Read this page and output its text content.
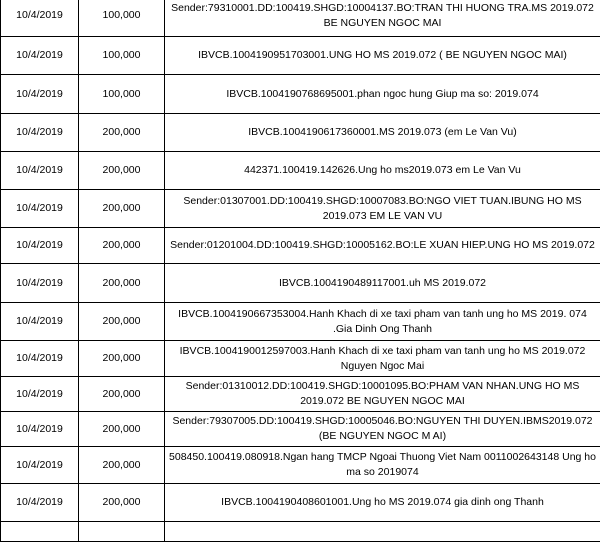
10/4/2019	100,000	Sender:79310001.DD:100419.SHGD:10004137.BO:TRAN THI HUONG TRA.MS 2019.072 BE NGUYEN NGOC MAI
10/4/2019	100,000	IBVCB.1004190951703001.UNG HO MS 2019.072 ( BE NGUYEN NGOC MAI)
10/4/2019	100,000	IBVCB.1004190768695001.phan ngoc hung Giup ma so: 2019.074
10/4/2019	200,000	IBVCB.1004190617360001.MS 2019.073 (em Le Van Vu)
10/4/2019	200,000	442371.100419.142626.Ung ho ms2019.073 em Le Van Vu
10/4/2019	200,000	Sender:01307001.DD:100419.SHGD:10007083.BO:NGO VIET TUAN.IBUNG HO MS 2019.073 EM LE VAN VU
10/4/2019	200,000	Sender:01201004.DD:100419.SHGD:10005162.BO:LE XUAN HIEP.UNG HO MS 2019.072
10/4/2019	200,000	IBVCB.1004190489117001.uh MS 2019.072
10/4/2019	200,000	IBVCB.1004190667353004.Hanh Khach di xe taxi pham van tanh ung ho MS 2019. 074 .Gia Dinh Ong Thanh
10/4/2019	200,000	IBVCB.1004190012597003.Hanh Khach di xe taxi pham van tanh ung ho MS 2019.072 Nguyen Ngoc Mai
10/4/2019	200,000	Sender:01310012.DD:100419.SHGD:10001095.BO:PHAM VAN NHAN.UNG HO MS 2019.072 BE NGUYEN NGOC MAI
10/4/2019	200,000	Sender:79307005.DD:100419.SHGD:10005046.BO:NGUYEN THI DUYEN.IBMS2019.072 (BE NGUYEN NGOC M AI)
10/4/2019	200,000	508450.100419.080918.Ngan hang TMCP Ngoai Thuong Viet Nam 0011002643148 Ung ho ma so 2019074
10/4/2019	200,000	IBVCB.1004190408601001.Ung ho MS 2019.074 gia dinh ong Thanh
